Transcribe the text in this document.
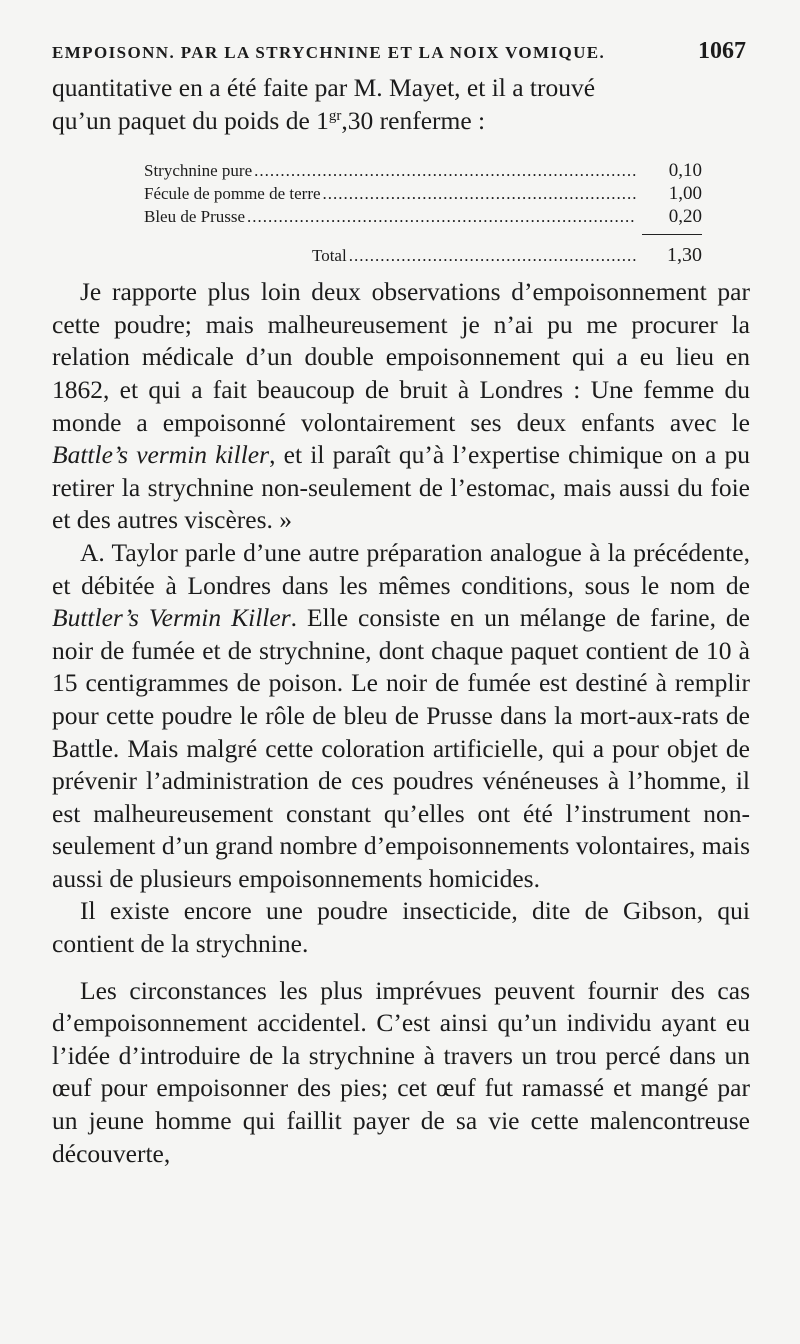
EMPOISONN. PAR LA STRYCHNINE ET LA NOIX VOMIQUE.	1067

quantitative en a été faite par M. Mayet, et il a trouvé

qu’un paquet du poids de $1^{gr},30$ renferme :

Strychnine pure .....	0,10
Fécule de pomme de terre .....	1,00
Bleu de Prusse .....	0,20
Total .....	1,30

Je rapporte plus loin deux observations d’empoisonnement par cette poudre; mais malheureusement je n’ai pu me procurer la relation médicale d’un double empoisonnement qui a eu lieu en 1862, et qui a fait beaucoup de bruit à Londres : Une femme du monde a empoisonné volontairement ses deux enfants avec le Battle’s vermin killer, et il paraît qu’à l’expertise chimique on a pu retirer la strychnine non-seulement de l’estomac, mais aussi du foie et des autres viscères. »

A. Taylor parle d’une autre préparation analogue à la précédente, et débitée à Londres dans les mêmes conditions, sous le nom de Buttler’s Vermin Killer. Elle consiste en un mélange de farine, de noir de fumée et de strychnine, dont chaque paquet contient de 10 à 15 centigrammes de poison. Le noir de fumée est destiné à remplir pour cette poudre le rôle de bleu de Prusse dans la mort-aux-rats de Battle. Mais malgré cette coloration artificielle, qui a pour objet de prévenir l’administration de ces poudres vénéneuses à l’homme, il est malheureusement constant qu’elles ont été l’instrument non-seulement d’un grand nombre d’empoisonnements volontaires, mais aussi de plusieurs empoisonnements homicides.

Il existe encore une poudre insecticide, dite de Gibson, qui contient de la strychnine.

Les circonstances les plus imprévues peuvent fournir des cas d’empoisonnement accidentel. C’est ainsi qu’un individu ayant eu l’idée d’introduire de la strychnine à travers un trou percé dans un œuf pour empoisonner des pies; cet œuf fut ramassé et mangé par un jeune homme qui faillit payer de sa vie cette malencontreuse découverte,
